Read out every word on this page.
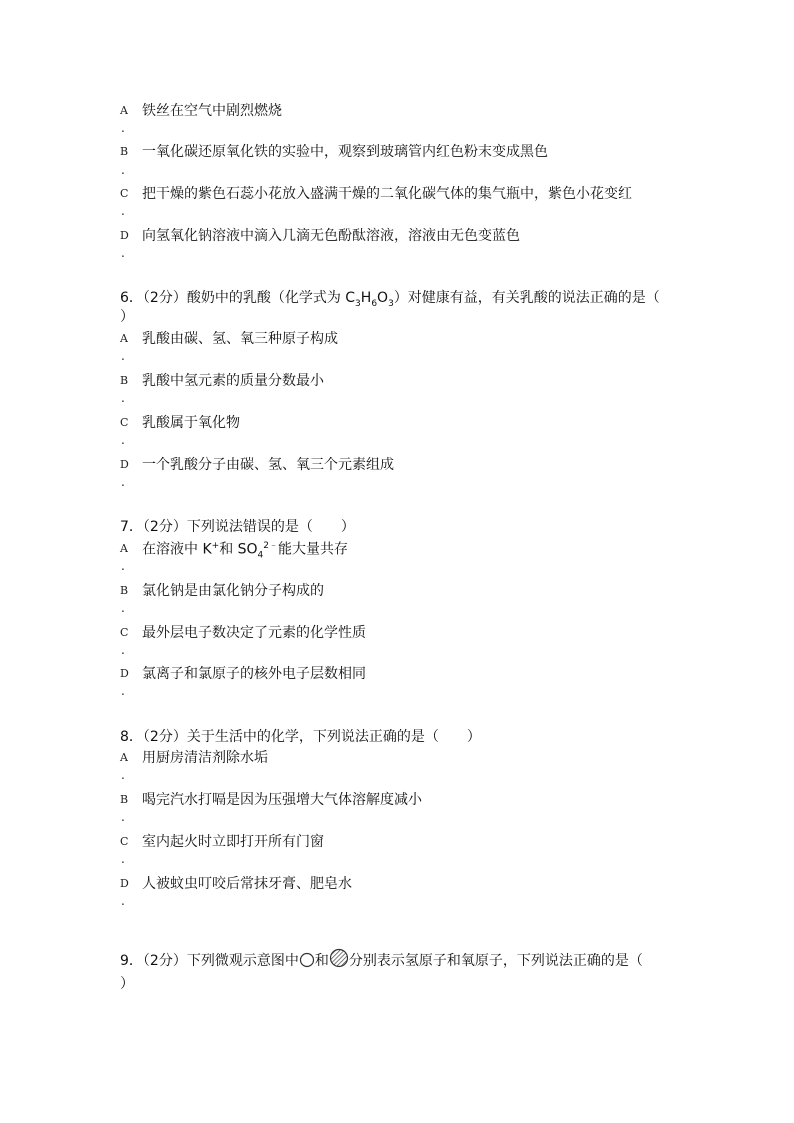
A 铁丝在空气中剧烈燃烧
.
B 一氧化碳还原氧化铁的实验中，观察到玻璃管内红色粉末变成黑色
.
C 把干燥的紫色石蕊小花放入盛满干燥的二氧化碳气体的集气瓶中，紫色小花变红
.
D 向氢氧化钠溶液中滴入几滴无色酚酞溶液，溶液由无色变蓝色
.
6．（2分）酸奶中的乳酸（化学式为 $C_3H_6O_3$）对健康有益，有关乳酸的说法正确的是（
）
A 乳酸由碳、氢、氧三种原子构成
.
B 乳酸中氢元素的质量分数最小
.
C 乳酸属于氧化物
.
D 一个乳酸分子由碳、氢、氧三个元素组成
.
7．（2分）下列说法错误的是（　　）
A 在溶液中 K+和 $SO_4^{2﹣}$能大量共存
.
B 氯化钠是由氯化钠分子构成的
.
C 最外层电子数决定了元素的化学性质
.
D 氯离子和氯原子的核外电子层数相同
.
8．（2分）关于生活中的化学，下列说法正确的是（　　）
A 用厨房清洁剂除水垢
.
B 喝完汽水打嗝是因为压强增大气体溶解度减小
.
C 室内起火时立即打开所有门窗
.
D 人被蚊虫叮咬后常抹牙膏、肥皂水
.
9．（2分）下列微观示意图中 和 分别表示氢原子和氧原子，下列说法正确的是（
）
